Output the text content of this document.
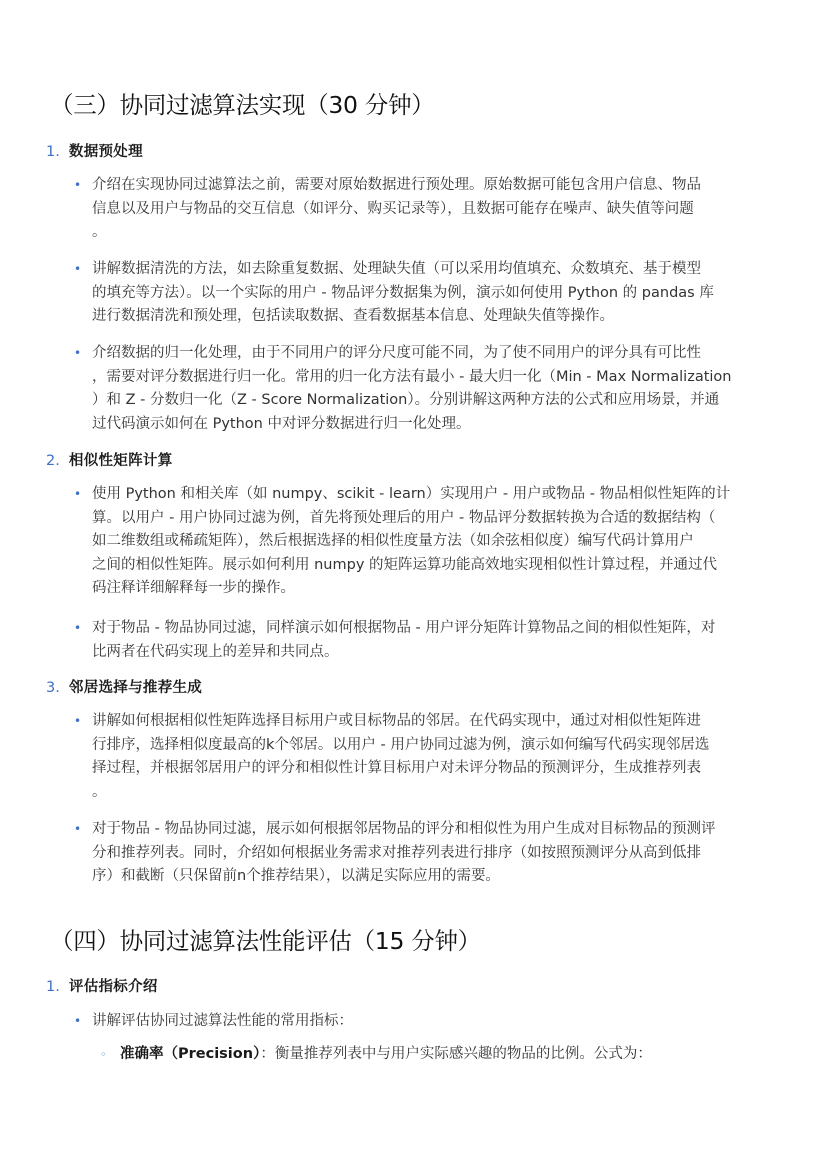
（三）协同过滤算法实现（30 分钟）
1. 数据预处理
• 介绍在实现协同过滤算法之前，需要对原始数据进行预处理。原始数据可能包含用户信息、物品
信息以及用户与物品的交互信息（如评分、购买记录等），且数据可能存在噪声、缺失值等问题
。
• 讲解数据清洗的方法，如去除重复数据、处理缺失值（可以采用均值填充、众数填充、基于模型
的填充等方法）。以一个实际的用户 - 物品评分数据集为例，演示如何使用 Python 的 pandas 库
进行数据清洗和预处理，包括读取数据、查看数据基本信息、处理缺失值等操作。
• 介绍数据的归一化处理，由于不同用户的评分尺度可能不同，为了使不同用户的评分具有可比性
，需要对评分数据进行归一化。常用的归一化方法有最小 - 最大归一化（Min - Max Normalization
）和 Z - 分数归一化（Z - Score Normalization）。分别讲解这两种方法的公式和应用场景，并通
过代码演示如何在 Python 中对评分数据进行归一化处理。
2. 相似性矩阵计算
• 使用 Python 和相关库（如 numpy、scikit - learn）实现用户 - 用户或物品 - 物品相似性矩阵的计
算。以用户 - 用户协同过滤为例，首先将预处理后的用户 - 物品评分数据转换为合适的数据结构（
如二维数组或稀疏矩阵），然后根据选择的相似性度量方法（如余弦相似度）编写代码计算用户
之间的相似性矩阵。展示如何利用 numpy 的矩阵运算功能高效地实现相似性计算过程，并通过代
码注释详细解释每一步的操作。
• 对于物品 - 物品协同过滤，同样演示如何根据物品 - 用户评分矩阵计算物品之间的相似性矩阵，对
比两者在代码实现上的差异和共同点。
3. 邻居选择与推荐生成
• 讲解如何根据相似性矩阵选择目标用户或目标物品的邻居。在代码实现中，通过对相似性矩阵进
行排序，选择相似度最高的k个邻居。以用户 - 用户协同过滤为例，演示如何编写代码实现邻居选
择过程，并根据邻居用户的评分和相似性计算目标用户对未评分物品的预测评分，生成推荐列表
。
• 对于物品 - 物品协同过滤，展示如何根据邻居物品的评分和相似性为用户生成对目标物品的预测评
分和推荐列表。同时，介绍如何根据业务需求对推荐列表进行排序（如按照预测评分从高到低排
序）和截断（只保留前n个推荐结果），以满足实际应用的需要。
（四）协同过滤算法性能评估（15 分钟）
1. 评估指标介绍
• 讲解评估协同过滤算法性能的常用指标：
◦ 准确率（Precision）：衡量推荐列表中与用户实际感兴趣的物品的比例。公式为：
